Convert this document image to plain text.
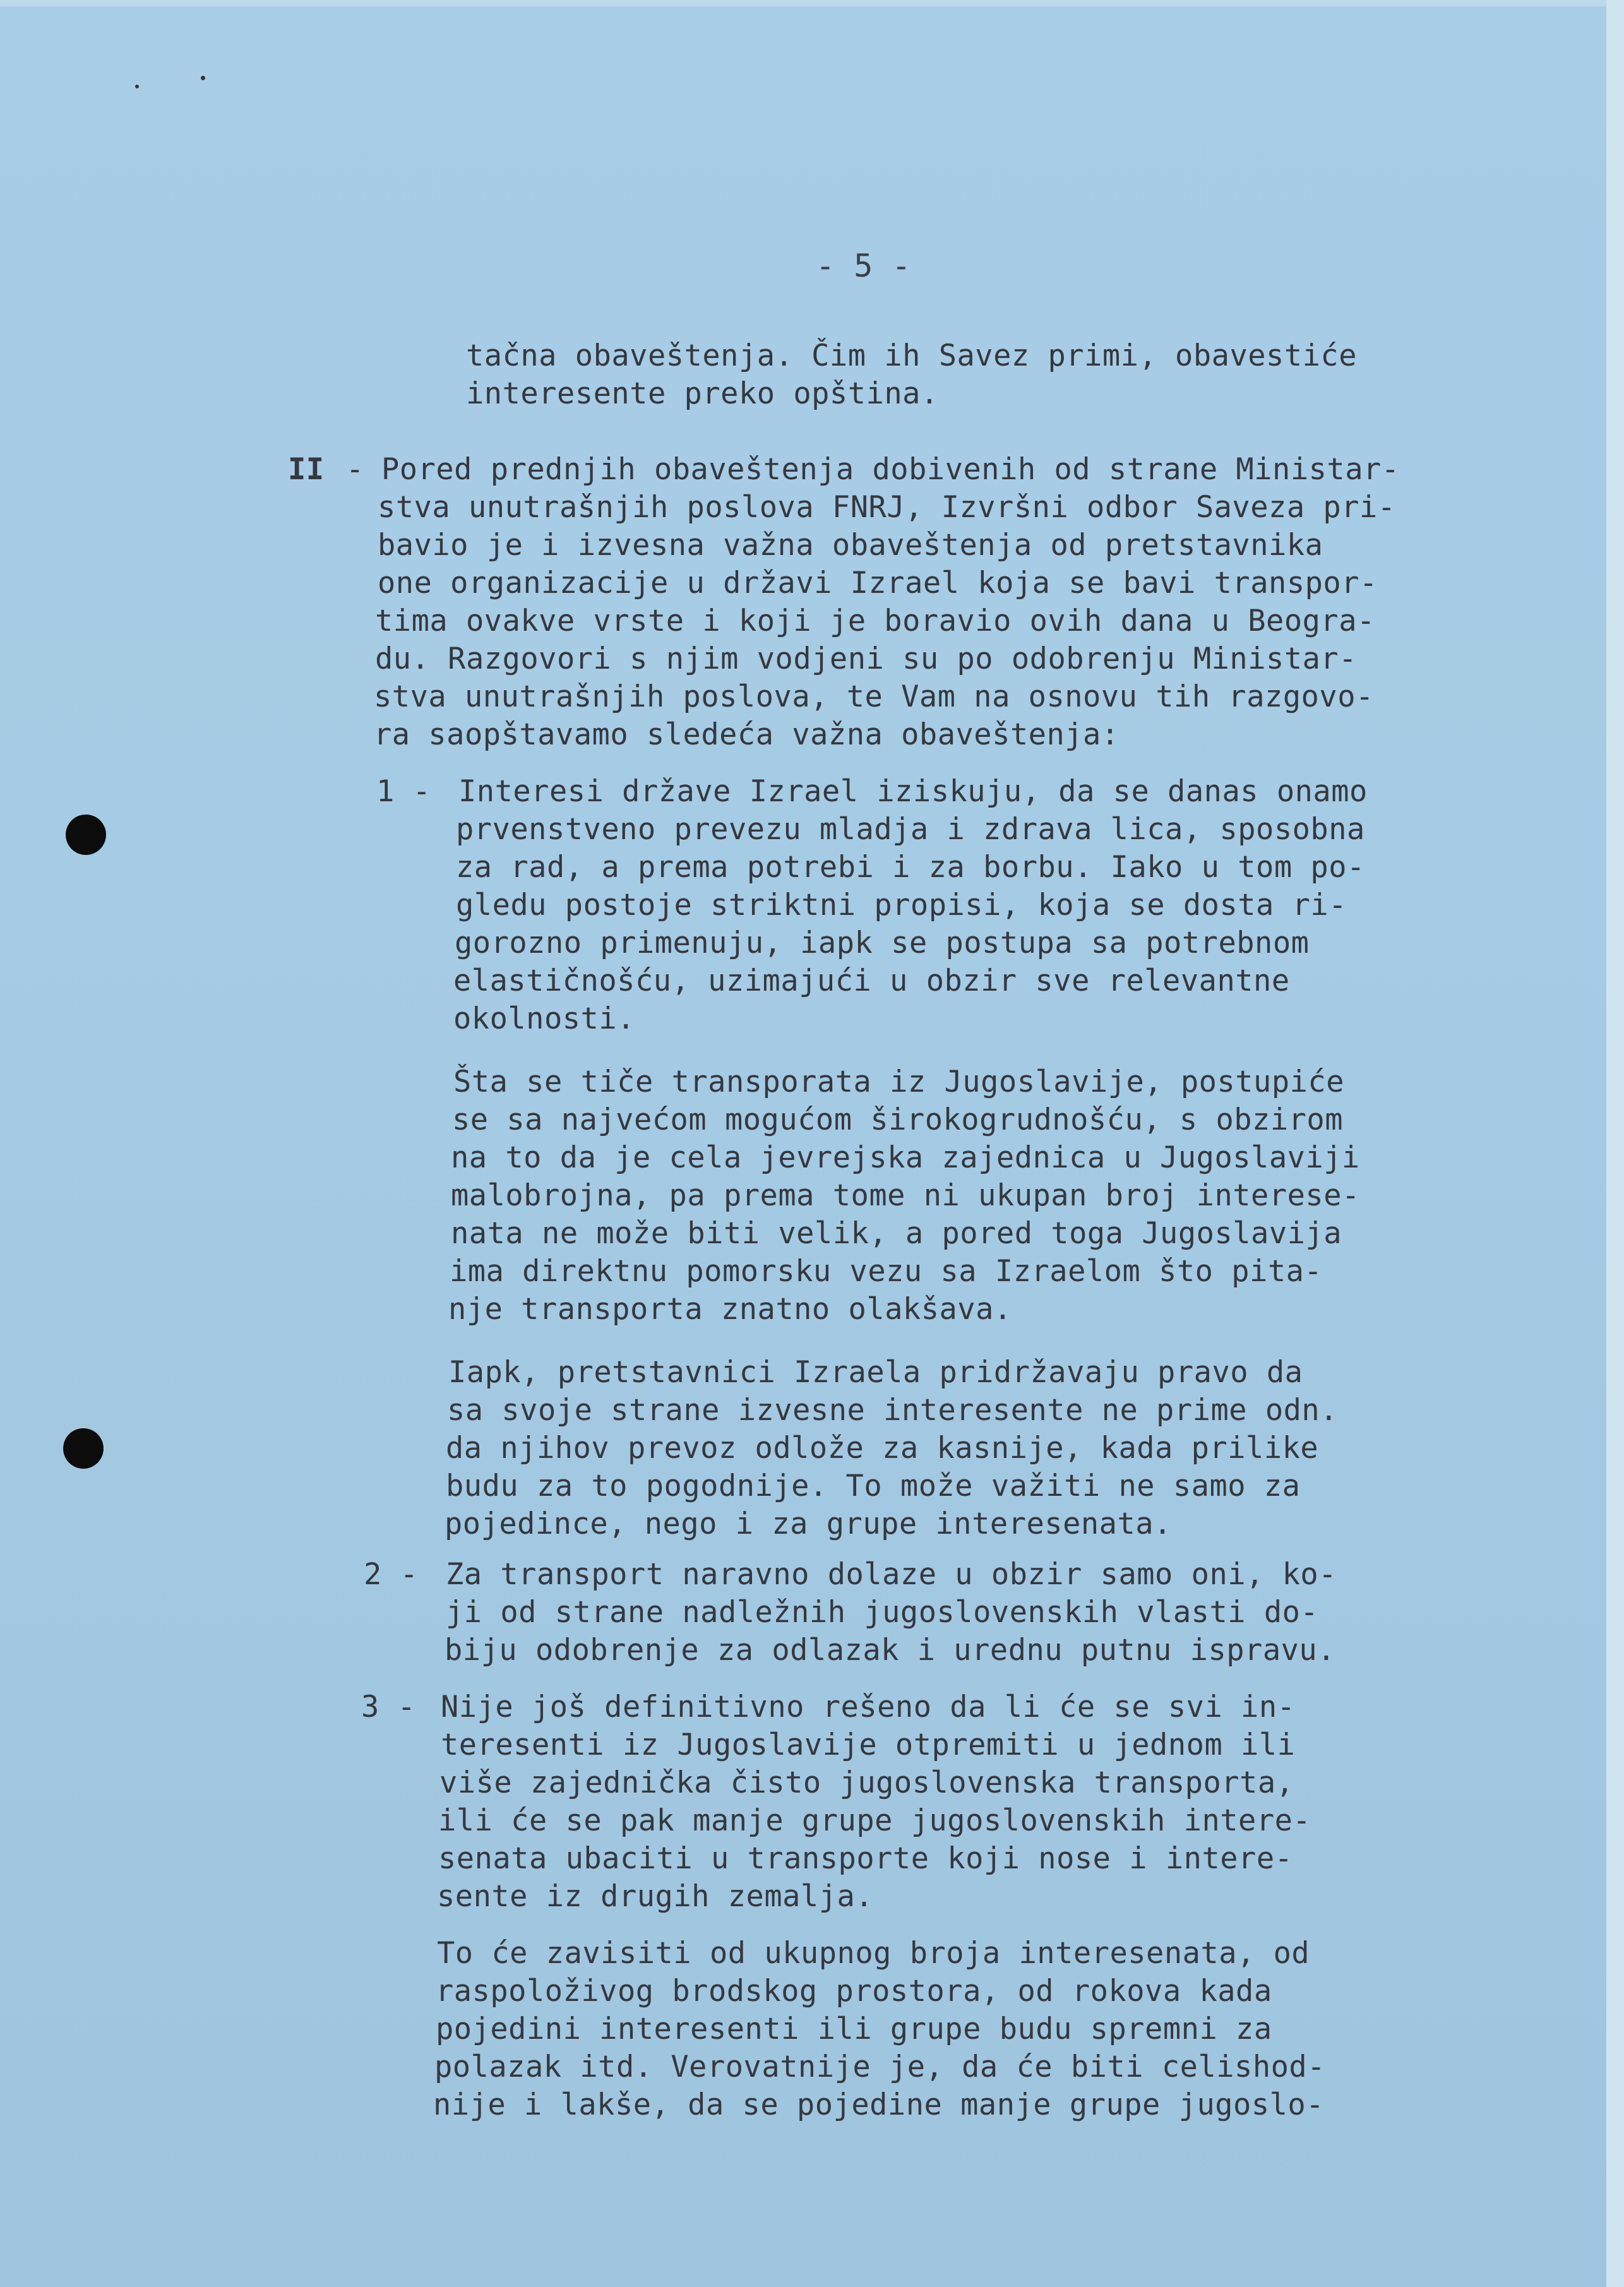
- 5 -
tačna obaveštenja. Čim ih Savez primi, obavestiće
interesente preko opština.
II - Pored prednjih obaveštenja dobivenih od strane Ministar-
stva unutrašnjih poslova FNRJ, Izvršni odbor Saveza pri-
bavio je i izvesna važna obaveštenja od pretstavnika
one organizacije u državi Izrael koja se bavi transpor-
tima ovakve vrste i koji je boravio ovih dana u Beogra-
du. Razgovori s njim vodjeni su po odobrenju Ministar-
stva unutrašnjih poslova, te Vam na osnovu tih razgovo-
ra saopštavamo sledeća važna obaveštenja:
1 - Interesi države Izrael iziskuju, da se danas onamo
prvenstveno prevezu mladja i zdrava lica, sposobna
za rad, a prema potrebi i za borbu. Iako u tom po-
gledu postoje striktni propisi, koja se dosta ri-
gorozno primenuju, iapk se postupa sa potrebnom
elastičnošću, uzimajući u obzir sve relevantne
okolnosti.
Šta se tiče transporata iz Jugoslavije, postupiće
se sa najvećom mogućom širokogrudnošću, s obzirom
na to da je cela jevrejska zajednica u Jugoslaviji
malobrojna, pa prema tome ni ukupan broj interese-
nata ne može biti velik, a pored toga Jugoslavija
ima direktnu pomorsku vezu sa Izraelom što pita-
nje transporta znatno olakšava.
Iapk, pretstavnici Izraela pridržavaju pravo da
sa svoje strane izvesne interesente ne prime odn.
da njihov prevoz odlože za kasnije, kada prilike
budu za to pogodnije. To može važiti ne samo za
pojedince, nego i za grupe interesenata.
2 - Za transport naravno dolaze u obzir samo oni, ko-
ji od strane nadležnih jugoslovenskih vlasti do-
biju odobrenje za odlazak i urednu putnu ispravu.
3 - Nije još definitivno rešeno da li će se svi in-
teresenti iz Jugoslavije otpremiti u jednom ili
više zajednička čisto jugoslovenska transporta,
ili će se pak manje grupe jugoslovenskih intere-
senata ubaciti u transporte koji nose i intere-
sente iz drugih zemalja.
To će zavisiti od ukupnog broja interesenata, od
raspoloživog brodskog prostora, od rokova kada
pojedini interesenti ili grupe budu spremni za
polazak itd. Verovatnije je, da će biti celishod-
nije i lakše, da se pojedine manje grupe jugoslo-
